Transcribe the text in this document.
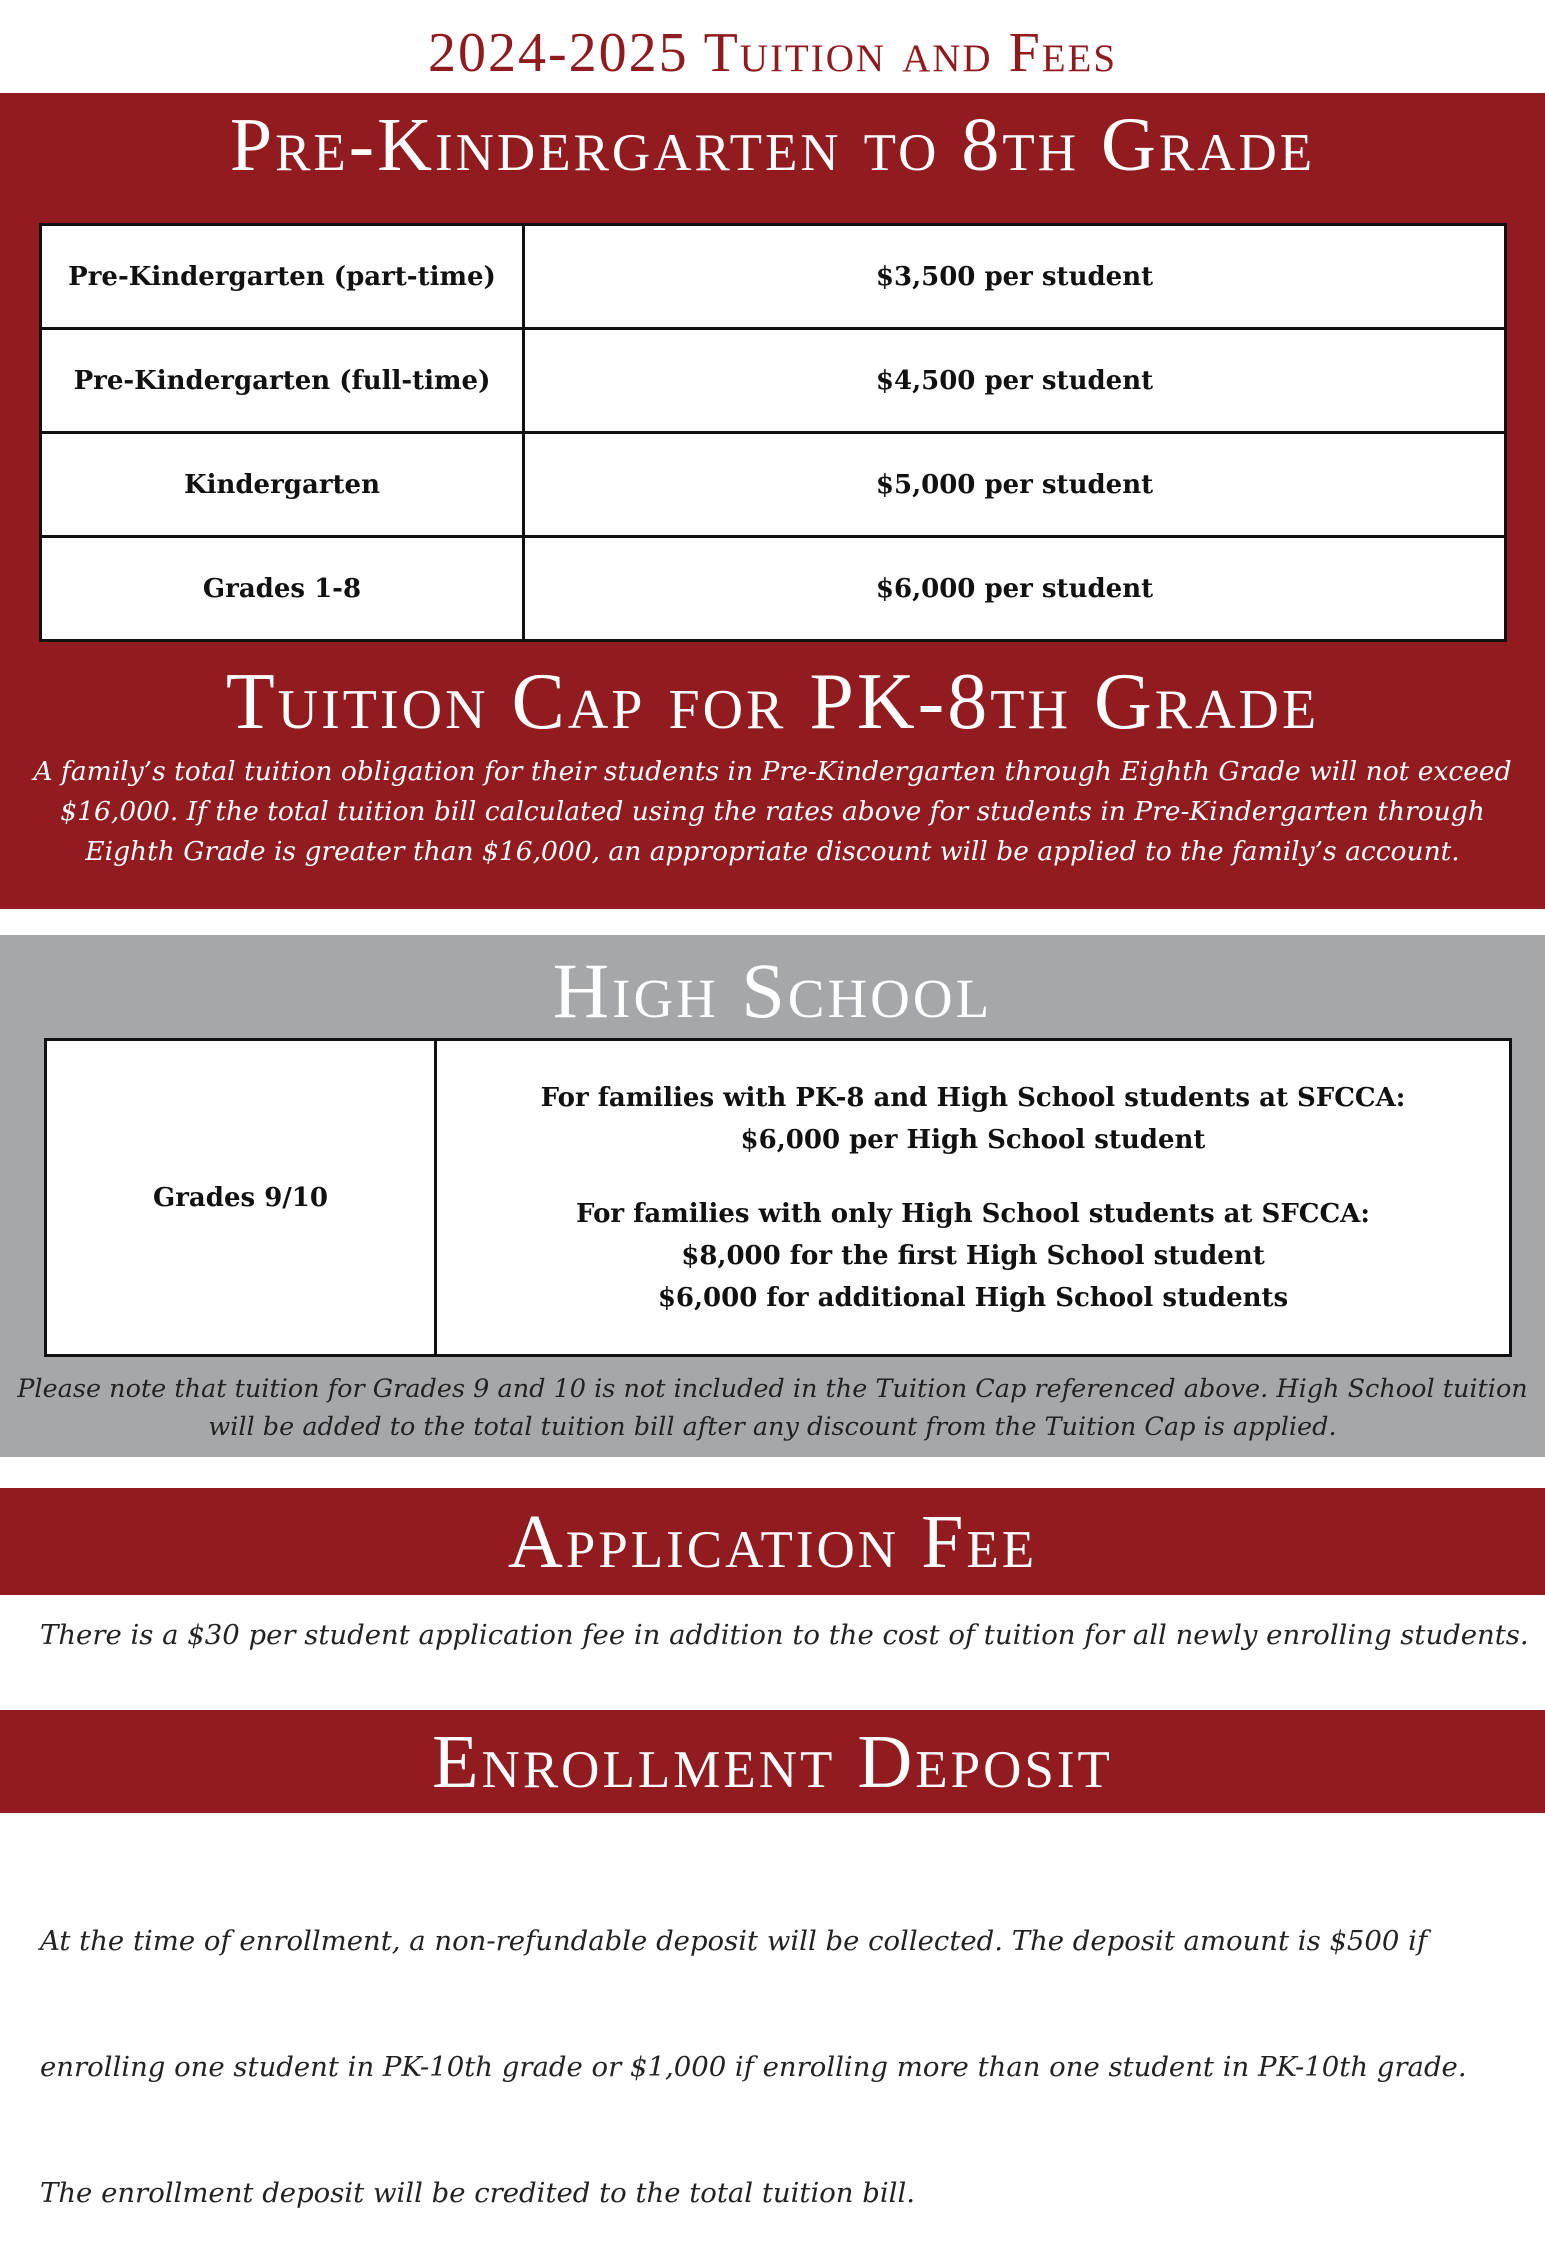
2024-2025 Tuition and Fees
Pre-Kindergarten to 8th Grade
Pre-Kindergarten (part-time)	$3,500 per student
Pre-Kindergarten (full-time)	$4,500 per student
Kindergarten	$5,000 per student
Grades 1-8	$6,000 per student
Tuition Cap for PK-8th Grade
A family’s total tuition obligation for their students in Pre-Kindergarten through Eighth Grade will not exceed
$16,000. If the total tuition bill calculated using the rates above for students in Pre-Kindergarten through
Eighth Grade is greater than $16,000, an appropriate discount will be applied to the family’s account.
High School
Grades 9/10	
For families with PK-8 and High School students at SFCCA:
$6,000 per High School student
For families with only High School students at SFCCA:
$8,000 for the first High School student
$6,000 for additional High School students
Please note that tuition for Grades 9 and 10 is not included in the Tuition Cap referenced above. High School tuition
will be added to the total tuition bill after any discount from the Tuition Cap is applied.
Application Fee
There is a $30 per student application fee in addition to the cost of tuition for all newly enrolling students.
Enrollment Deposit

At the time of enrollment, a non-refundable deposit will be collected. The deposit amount is $500 if

enrolling one student in PK-10th grade or $1,000 if enrolling more than one student in PK-10th grade.

The enrollment deposit will be credited to the total tuition bill.
